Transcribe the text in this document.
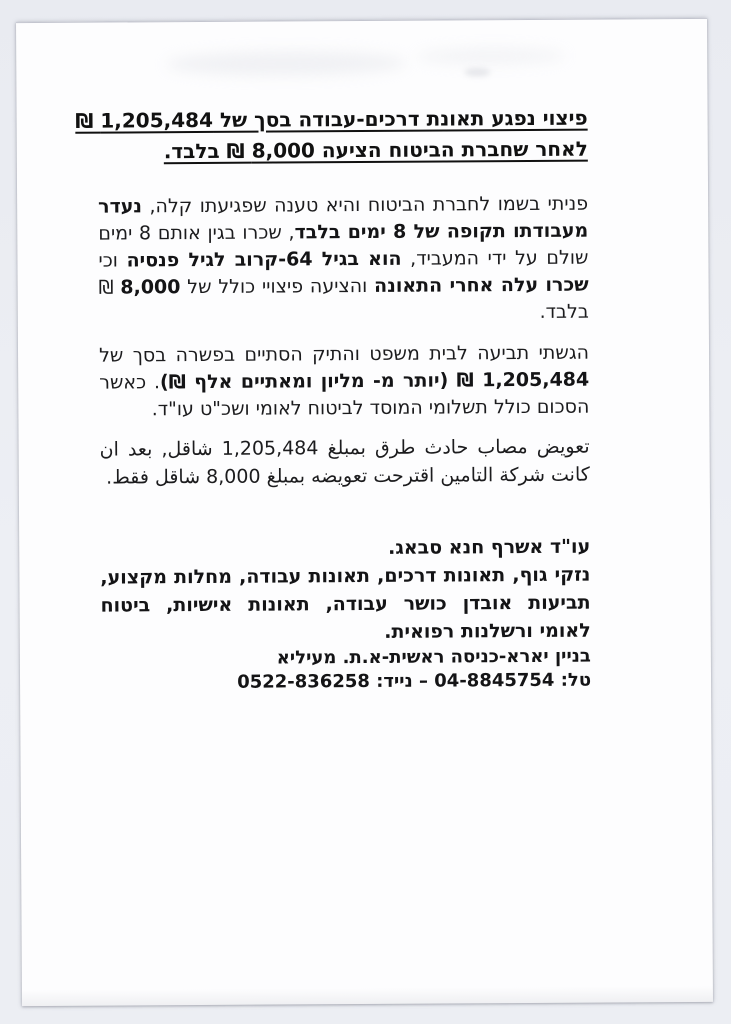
פיצוי נפגע תאונת דרכים-עבודה בסך של 1,205,484 ₪
לאחר שחברת הביטוח הציעה 8,000 ₪ בלבד.

פניתי בשמו לחברת הביטוח והיא טענה שפגיעתו קלה, נעדר מעבודתו תקופה של 8 ימים בלבד, שכרו בגין אותם 8 ימים שולם על ידי המעביד, הוא בגיל 64-קרוב לגיל פנסיה וכי שכרו עלה אחרי התאונה והציעה פיצויי כולל של 8,000 ₪ בלבד.

הגשתי תביעה לבית משפט והתיק הסתיים בפשרה בסך של 1,205,484 ₪ (יותר מ- מליון ומאתיים אלף ₪). כאשר הסכום כולל תשלומי המוסד לביטוח לאומי ושכ"ט עו"ד.

تعويض مصاب حادث طرق بمبلغ 1,205,484 شاقل, بعد ان كانت شركة التامين اقترحت تعويضه بمبلغ 8,000 شاقل فقط.

עו"ד אשרף חנא סבאג.

נזקי גוף, תאונות דרכים, תאונות עבודה, מחלות מקצוע, תביעות אובדן כושר עבודה, תאונות אישיות, ביטוח לאומי ורשלנות רפואית.

בניין יארא-כניסה ראשית-א.ת. מעיליא

טל: 04-8845754 – נייד: 0522-836258
